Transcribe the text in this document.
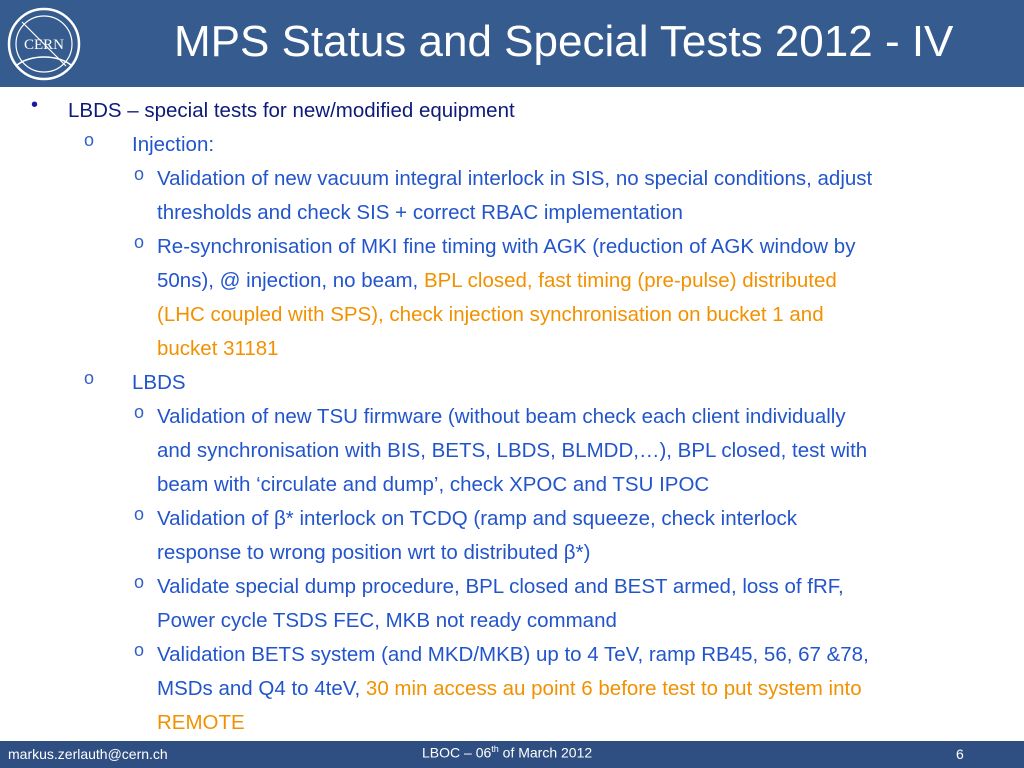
CERN MPS Status and Special Tests 2012 - IV
• LBDS – special tests for new/modified equipment
o Injection:
o Validation of new vacuum integral interlock in SIS, no special conditions, adjust
thresholds and check SIS + correct RBAC implementation
o Re-synchronisation of MKI fine timing with AGK (reduction of AGK window by
50ns), @ injection, no beam, BPL closed, fast timing (pre-pulse) distributed
(LHC coupled with SPS), check injection synchronisation on bucket 1 and
bucket 31181
o LBDS
o Validation of new TSU firmware (without beam check each client individually
and synchronisation with BIS, BETS, LBDS, BLMDD,…), BPL closed, test with
beam with ‘circulate and dump’, check XPOC and TSU IPOC
o Validation of β* interlock on TCDQ (ramp and squeeze, check interlock
response to wrong position wrt to distributed β*)
o Validate special dump procedure, BPL closed and BEST armed, loss of fRF,
Power cycle TSDS FEC, MKB not ready command
o Validation BETS system (and MKD/MKB) up to 4 TeV, ramp RB45, 56, 67 &78,
MSDs and Q4 to 4teV, 30 min access au point 6 before test to put system into
REMOTE
markus.zerlauth@cern.ch	LBOC – 06th of March 2012	6
